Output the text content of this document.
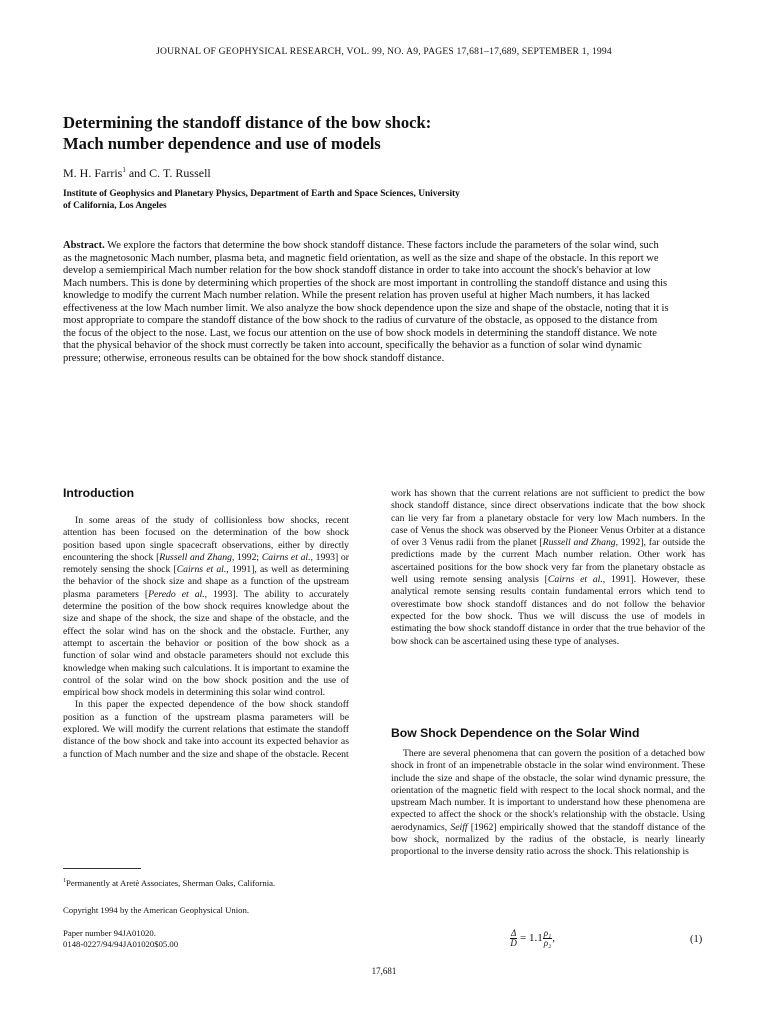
JOURNAL OF GEOPHYSICAL RESEARCH, VOL. 99, NO. A9, PAGES 17,681–17,689, SEPTEMBER 1, 1994
Determining the standoff distance of the bow shock:
Mach number dependence and use of models
M. H. Farris$^1$ and C. T. Russell
Institute of Geophysics and Planetary Physics, Department of Earth and Space Sciences, University
of California, Los Angeles
Abstract. We explore the factors that determine the bow shock standoff distance. These factors include the parameters of the solar wind, such as the magnetosonic Mach number, plasma beta, and magnetic field orientation, as well as the size and shape of the obstacle. In this report we develop a semiempirical Mach number relation for the bow shock standoff distance in order to take into account the shock's behavior at low Mach numbers. This is done by determining which properties of the shock are most important in controlling the standoff distance and using this knowledge to modify the current Mach number relation. While the present relation has proven useful at higher Mach numbers, it has lacked effectiveness at the low Mach number limit. We also analyze the bow shock dependence upon the size and shape of the obstacle, noting that it is most appropriate to compare the standoff distance of the bow shock to the radius of curvature of the obstacle, as opposed to the distance from the focus of the object to the nose. Last, we focus our attention on the use of bow shock models in determining the standoff distance. We note that the physical behavior of the shock must correctly be taken into account, specifically the behavior as a function of solar wind dynamic pressure; otherwise, erroneous results can be obtained for the bow shock standoff distance.
Introduction

In some areas of the study of collisionless bow shocks, recent attention has been focused on the determination of the bow shock position based upon single spacecraft observations, either by directly encountering the shock [Russell and Zhang, 1992; Cairns et al., 1993] or remotely sensing the shock [Cairns et al., 1991], as well as determining the behavior of the shock size and shape as a function of the upstream plasma parameters [Peredo et al., 1993]. The ability to accurately determine the position of the bow shock requires knowledge about the size and shape of the shock, the size and shape of the obstacle, and the effect the solar wind has on the shock and the obstacle. Further, any attempt to ascertain the behavior or position of the bow shock as a function of solar wind and obstacle parameters should not exclude this knowledge when making such calculations. It is important to examine the control of the solar wind on the bow shock position and the use of empirical bow shock models in determining this solar wind control.

In this paper the expected dependence of the bow shock standoff position as a function of the upstream plasma parameters will be explored. We will modify the current relations that estimate the standoff distance of the bow shock and take into account its expected behavior as a function of Mach number and the size and shape of the obstacle. Recent

work has shown that the current relations are not sufficient to predict the bow shock standoff distance, since direct observations indicate that the bow shock can lie very far from a planetary obstacle for very low Mach numbers. In the case of Venus the shock was observed by the Pioneer Venus Orbiter at a distance of over 3 Venus radii from the planet [Russell and Zhang, 1992], far outside the predictions made by the current Mach number relation. Other work has ascertained positions for the bow shock very far from the planetary obstacle as well using remote sensing analysis [Cairns et al., 1991]. However, these analytical remote sensing results contain fundamental errors which tend to overestimate bow shock standoff distances and do not follow the behavior expected for the bow shock. Thus we will discuss the use of models in estimating the bow shock standoff distance in order that the true behavior of the bow shock can be ascertained using these type of analyses.

Bow Shock Dependence on the Solar Wind

There are several phenomena that can govern the position of a detached bow shock in front of an impenetrable obstacle in the solar wind environment. These include the size and shape of the obstacle, the solar wind dynamic pressure, the orientation of the magnetic field with respect to the local shock normal, and the upstream Mach number. It is important to understand how these phenomena are expected to affect the shock or the shock's relationship with the obstacle. Using aerodynamics, Seiff [1962] empirically showed that the standoff distance of the bow shock, normalized by the radius of the obstacle, is nearly linearly proportional to the inverse density ratio across the shock. This relationship is

$^1$Permanently at Aretè Associates, Sherman Oaks, California.
Copyright 1994 by the American Geophysical Union.
Paper number 94JA01020.
0148-0227/94/94JA01020$05.00	$\frac{\Delta}{D} = 1.1 \frac{\text{ρ₁}}{\text{ρ₂}}$ ,	(1)
17,681
